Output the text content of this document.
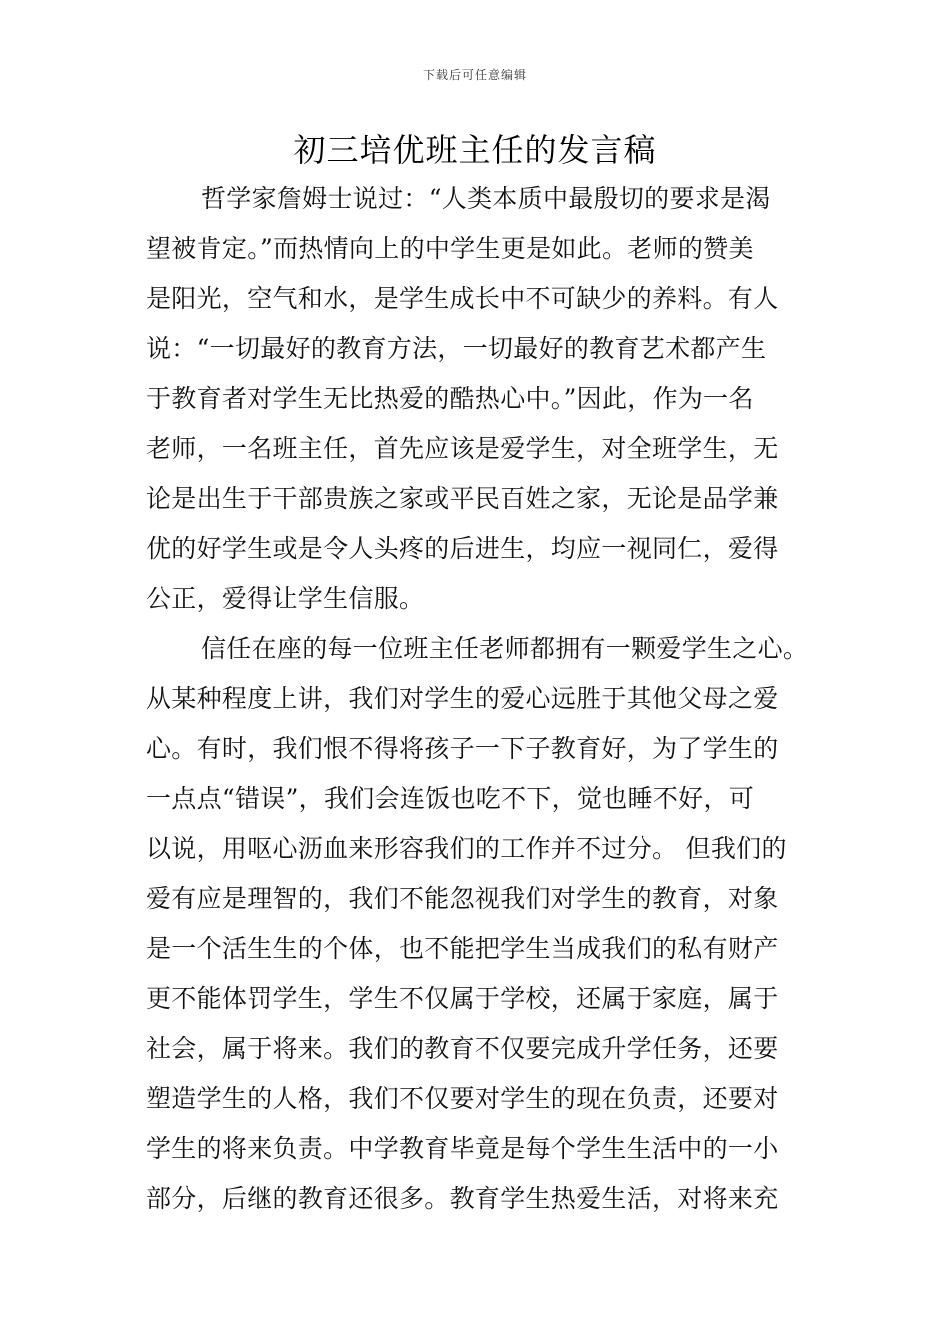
下载后可任意编辑
初三培优班主任的发言稿
哲学家詹姆士说过：“人类本质中最殷切的要求是渴
望被肯定。”而热情向上的中学生更是如此。老师的赞美
是阳光，空气和水，是学生成长中不可缺少的养料。有人
说：“一切最好的教育方法，一切最好的教育艺术都产生
于教育者对学生无比热爱的酷热心中。”因此，作为一名
老师，一名班主任，首先应该是爱学生，对全班学生，无
论是出生于干部贵族之家或平民百姓之家，无论是品学兼
优的好学生或是令人头疼的后进生，均应一视同仁，爱得
公正，爱得让学生信服。
信任在座的每一位班主任老师都拥有一颗爱学生之心。
从某种程度上讲，我们对学生的爱心远胜于其他父母之爱
心。有时，我们恨不得将孩子一下子教育好，为了学生的
一点点“错误”，我们会连饭也吃不下，觉也睡不好，可
以说，用呕心沥血来形容我们的工作并不过分。 但我们的
爱有应是理智的，我们不能忽视我们对学生的教育，对象
是一个活生生的个体，也不能把学生当成我们的私有财产
更不能体罚学生，学生不仅属于学校，还属于家庭，属于
社会，属于将来。我们的教育不仅要完成升学任务，还要
塑造学生的人格，我们不仅要对学生的现在负责，还要对
学生的将来负责。中学教育毕竟是每个学生生活中的一小
部分，后继的教育还很多。教育学生热爱生活，对将来充
